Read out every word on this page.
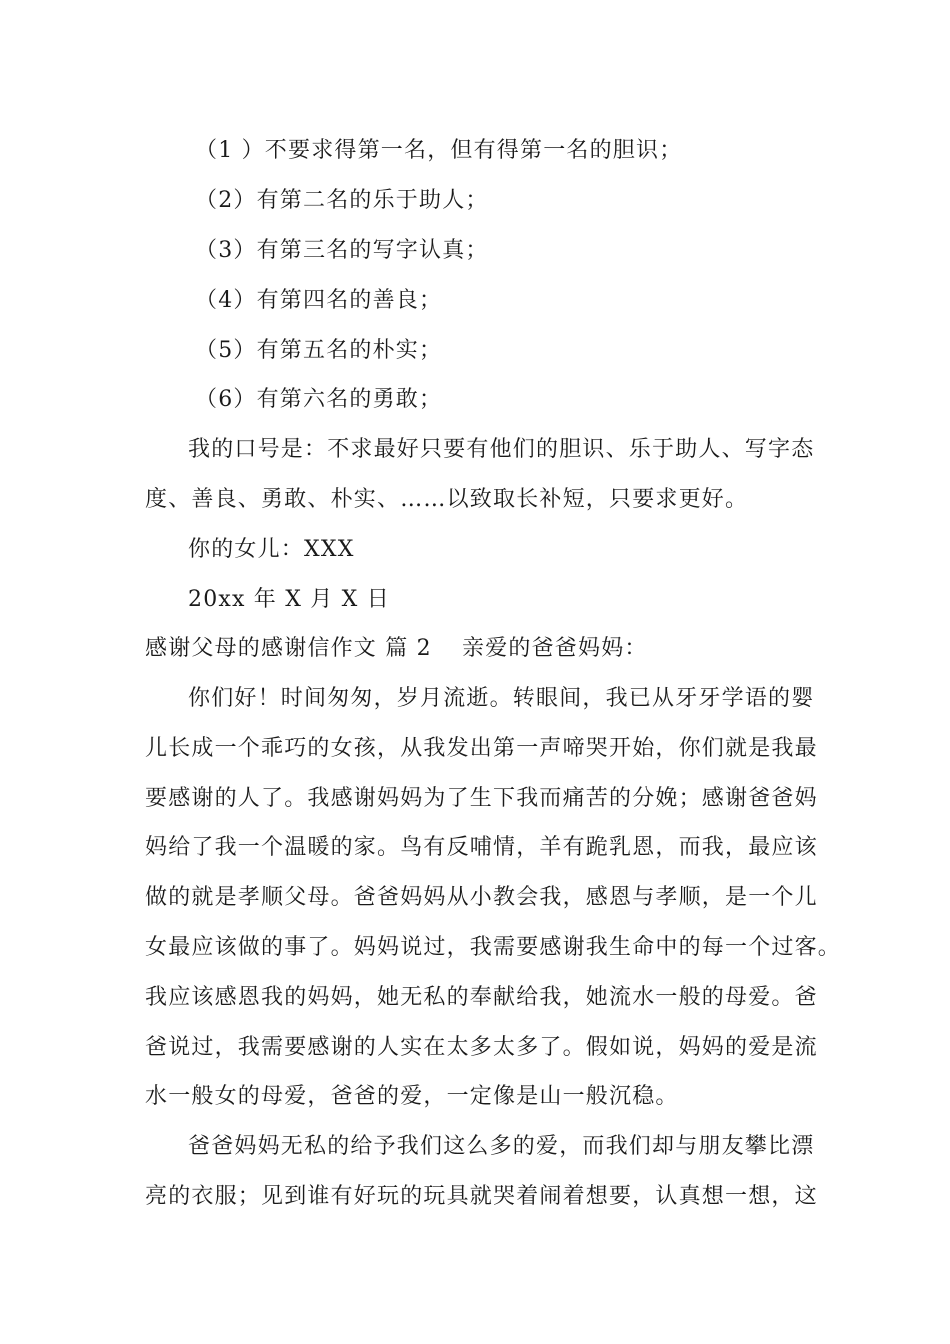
（1 ）不要求得第一名，但有得第一名的胆识；
（2）有第二名的乐于助人；
（3）有第三名的写字认真；
（4）有第四名的善良；
（5）有第五名的朴实；
（6）有第六名的勇敢；
我的口号是：不求最好只要有他们的胆识、乐于助人、写字态
度、善良、勇敢、朴实、……以致取长补短，只要求更好。
你的女儿：XXX
20xx 年 X 月 X 日
感谢父母的感谢信作文 篇 2 亲爱的爸爸妈妈：
你们好！时间匆匆，岁月流逝。转眼间，我已从牙牙学语的婴
儿长成一个乖巧的女孩，从我发出第一声啼哭开始，你们就是我最
要感谢的人了。我感谢妈妈为了生下我而痛苦的分娩；感谢爸爸妈
妈给了我一个温暖的家。鸟有反哺情，羊有跪乳恩，而我，最应该
做的就是孝顺父母。爸爸妈妈从小教会我，感恩与孝顺，是一个儿
女最应该做的事了。妈妈说过，我需要感谢我生命中的每一个过客。
我应该感恩我的妈妈，她无私的奉献给我，她流水一般的母爱。爸
爸说过，我需要感谢的人实在太多太多了。假如说，妈妈的爱是流
水一般女的母爱，爸爸的爱，一定像是山一般沉稳。
爸爸妈妈无私的给予我们这么多的爱，而我们却与朋友攀比漂
亮的衣服；见到谁有好玩的玩具就哭着闹着想要，认真想一想，这
